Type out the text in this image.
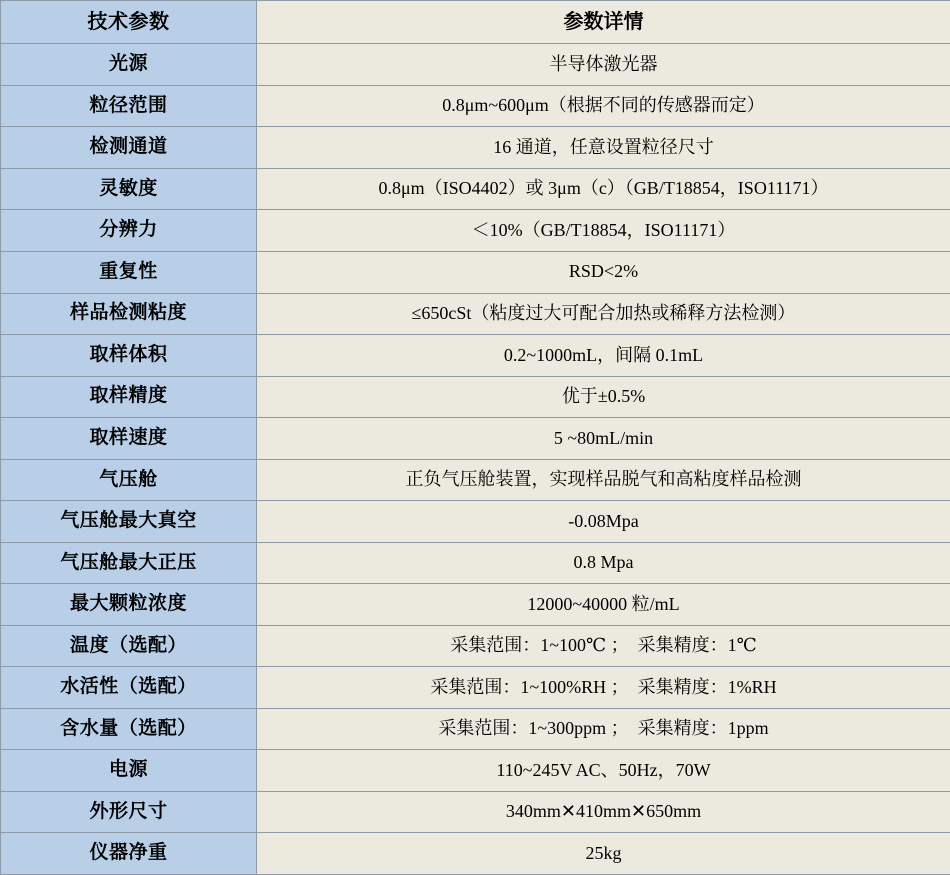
技术参数	参数详情
光源	半导体激光器
粒径范围	0.8μm~600μm（根据不同的传感器而定）
检测通道	16 通道，任意设置粒径尺寸
灵敏度	0.8μm（ISO4402）或 3μm（c）（GB/T18854，ISO11171）
分辨力	＜10%（GB/T18854，ISO11171）
重复性	RSD<2%
样品检测粘度	≤650cSt（粘度过大可配合加热或稀释方法检测）
取样体积	0.2~1000mL，间隔 0.1mL
取样精度	优于±0.5%
取样速度	5 ~80mL/min
气压舱	正负气压舱装置，实现样品脱气和高粘度样品检测
气压舱最大真空	-0.08Mpa
气压舱最大正压	0.8 Mpa
最大颗粒浓度	12000~40000 粒/mL
温度（选配）	采集范围：1~100℃ ；　采集精度：1℃
水活性（选配）	采集范围：1~100%RH ；　采集精度：1%RH
含水量（选配）	采集范围：1~300ppm ；　采集精度：1ppm
电源	110~245V AC、50Hz，70W
外形尺寸	340mm✕410mm✕650mm
仪器净重	25kg
